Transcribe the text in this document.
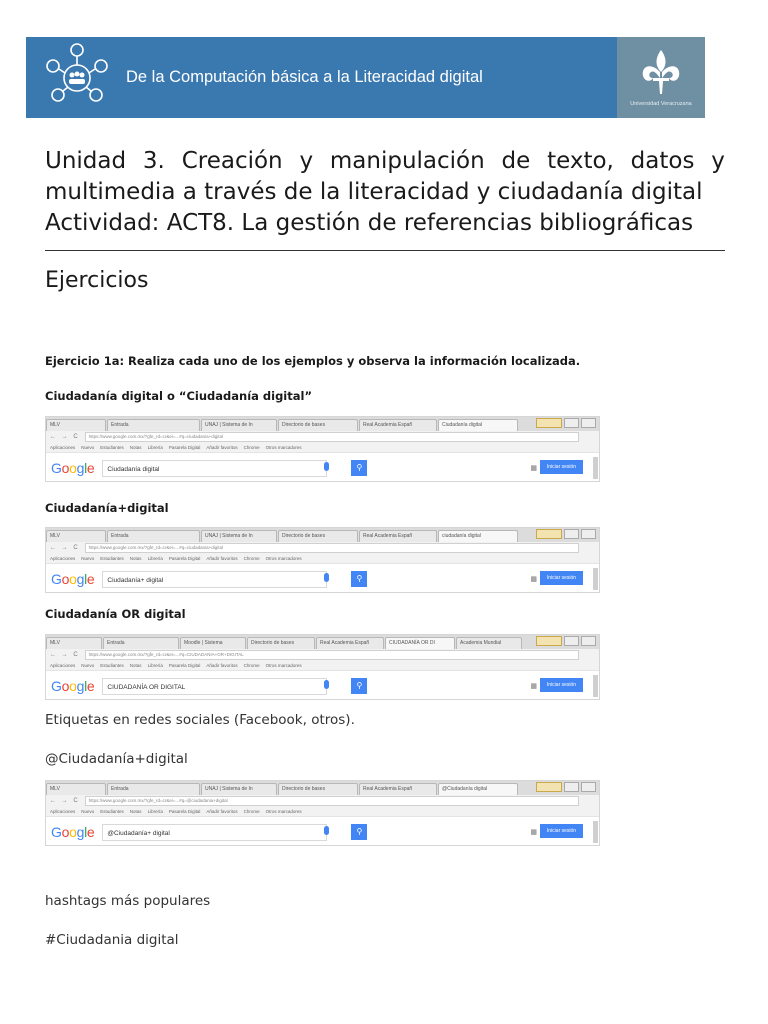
De la Computación básica a la Literacidad digital
Universidad Veracruzana
Unidad 3. Creación y manipulación de texto, datos y
multimedia a través de la literacidad y ciudadanía digital
Actividad: ACT8. La gestión de referencias bibliográficas
Ejercicios
Ejercicio 1a: Realiza cada uno de los ejemplos y observa la información localizada.
Ciudadanía digital o “Ciudadanía digital”
MLV	Entrada	UNAJ | Sistema de In	Directorio de bases	Real Academia Españ	Ciudadanía digital
← → C	https://www.google.com.mx/?gfe_rd=cr&ei=...#q=ciudadania+digital
Aplicaciones Nuevo Estudiantes Notas Librería Pasarela Digital Añadir favoritos Chrome Otros marcadores
Google	Ciudadanía digital	⚲	▦	Iniciar sesión
Ciudadanía+digital
MLV	Entrada	UNAJ | Sistema de In	Directorio de bases	Real Academia Españ	ciudadanía digital
← → C	https://www.google.com.mx/?gfe_rd=cr&ei=...#q=ciudadania+digital
Aplicaciones Nuevo Estudiantes Notas Librería Pasarela Digital Añadir favoritos Chrome Otros marcadores
Google	Ciudadanía+ digital	⚲	▦	Iniciar sesión
Ciudadanía OR digital
MLV	Entrada	Moodle | Sistema	Directorio de bases	Real Academia Españ	CIUDADANÍA OR DI	Academia Mundial
← → C	https://www.google.com.mx/?gfe_rd=cr&ei=...#q=CIUDADANIA+OR+DIGITAL
Aplicaciones Nuevo Estudiantes Notas Librería Pasarela Digital Añadir favoritos Chrome Otros marcadores
Google	CIUDADANÍA OR DIGITAL	⚲	▦	Iniciar sesión
Etiquetas en redes sociales (Facebook, otros).
@Ciudadanía+digital
MLV	Entrada	UNAJ | Sistema de In	Directorio de bases	Real Academia Españ	@Ciudadanía digital
← → C	https://www.google.com.mx/?gfe_rd=cr&ei=...#q=@ciudadania+digital
Aplicaciones Nuevo Estudiantes Notas Librería Pasarela Digital Añadir favoritos Chrome Otros marcadores
Google	@Ciudadanía+ digital	⚲	▦	Iniciar sesión
hashtags más populares
#Ciudadania digital
